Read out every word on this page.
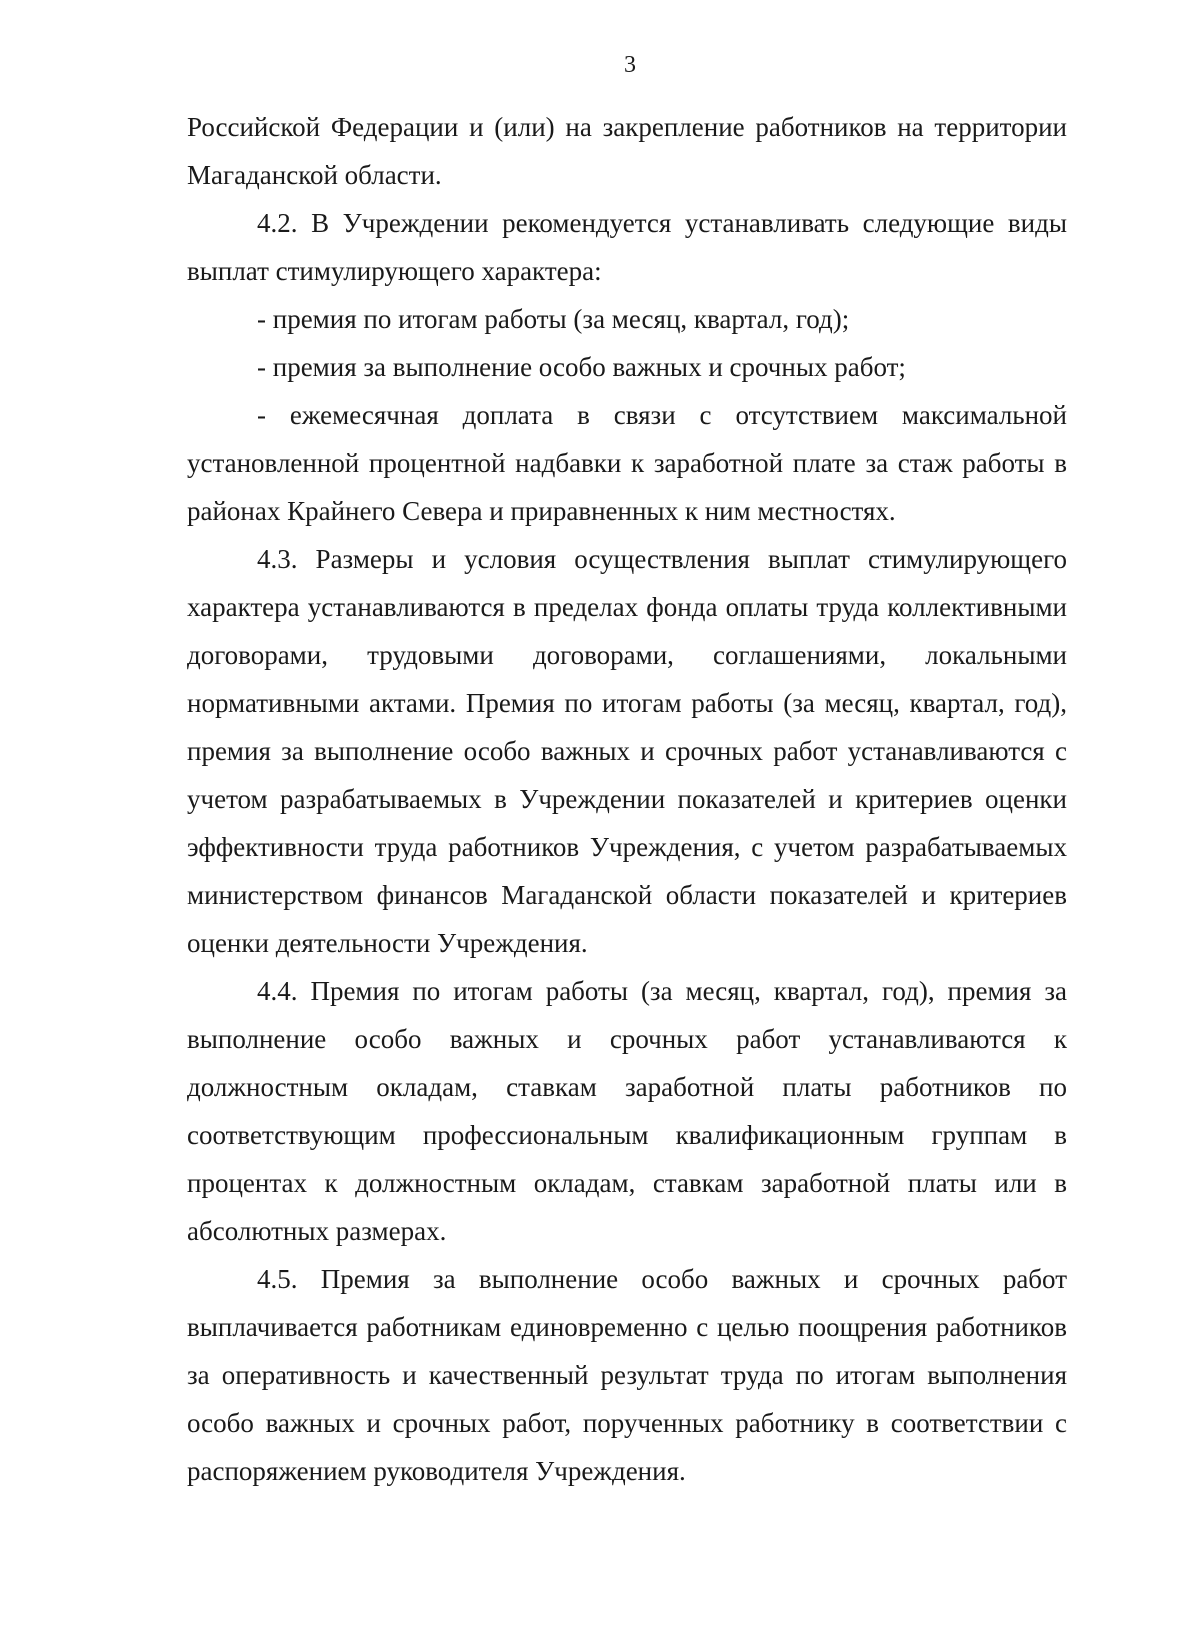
3

Российской Федерации и (или) на закрепление работников на территории Магаданской области.

4.2. В Учреждении рекомендуется устанавливать следующие виды выплат стимулирующего характера:

- премия по итогам работы (за месяц, квартал, год);

- премия за выполнение особо важных и срочных работ;

- ежемесячная доплата в связи с отсутствием максимальной установленной процентной надбавки к заработной плате за стаж работы в районах Крайнего Севера и приравненных к ним местностях.

4.3. Размеры и условия осуществления выплат стимулирующего характера устанавливаются в пределах фонда оплаты труда коллективными договорами, трудовыми договорами, соглашениями, локальными нормативными актами. Премия по итогам работы (за месяц, квартал, год), премия за выполнение особо важных и срочных работ устанавливаются с учетом разрабатываемых в Учреждении показателей и критериев оценки эффективности труда работников Учреждения, с учетом разрабатываемых министерством финансов Магаданской области показателей и критериев оценки деятельности Учреждения.

4.4. Премия по итогам работы (за месяц, квартал, год), премия за выполнение особо важных и срочных работ устанавливаются к должностным окладам, ставкам заработной платы работников по соответствующим профессиональным квалификационным группам в процентах к должностным окладам, ставкам заработной платы или в абсолютных размерах.

4.5. Премия за выполнение особо важных и срочных работ выплачивается работникам единовременно с целью поощрения работников за оперативность и качественный результат труда по итогам выполнения особо важных и срочных работ, порученных работнику в соответствии с распоряжением руководителя Учреждения.
